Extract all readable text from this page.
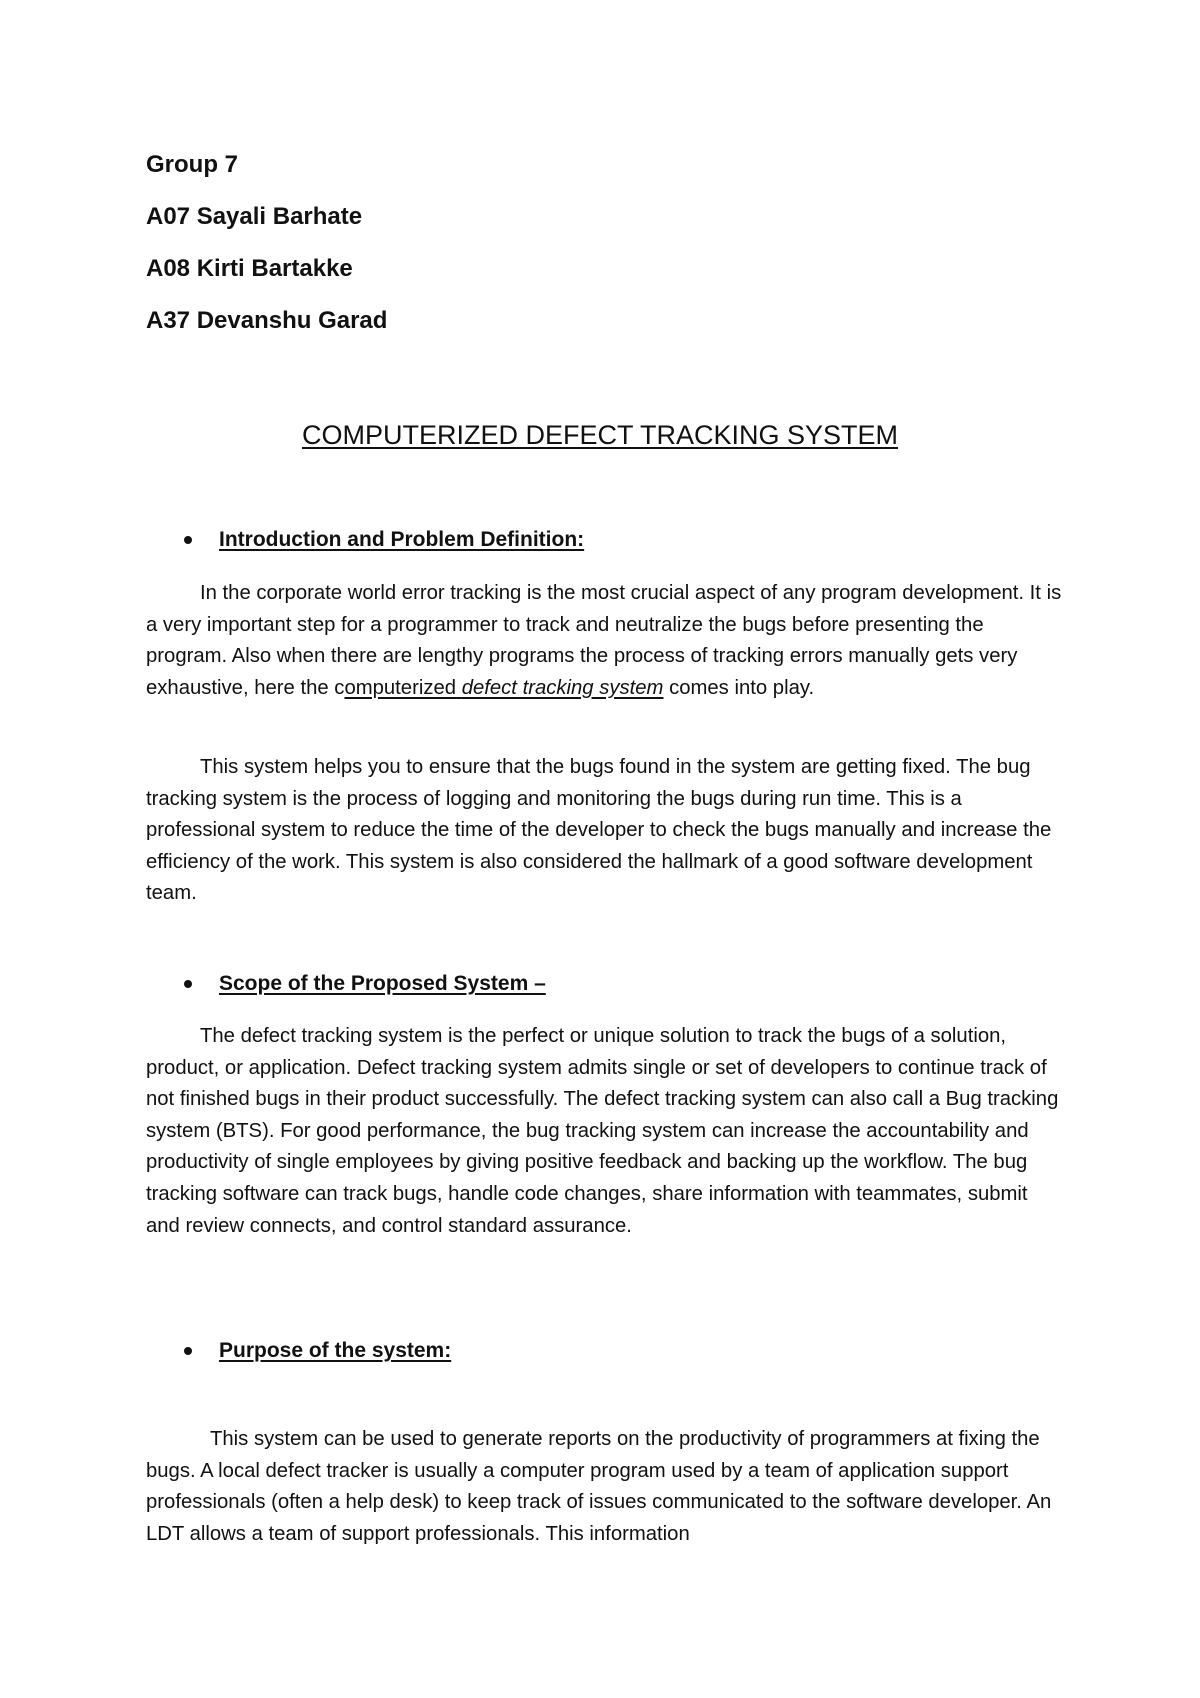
Group 7

A07 Sayali Barhate

A08 Kirti Bartakke

A37 Devanshu Garad

COMPUTERIZED DEFECT TRACKING SYSTEM

Introduction and Problem Definition:

In the corporate world error tracking is the most crucial aspect of any program development. It is a very important step for a programmer to track and neutralize the bugs before presenting the program. Also when there are lengthy programs the process of tracking errors manually gets very exhaustive, here the computerized defect tracking system comes into play.

This system helps you to ensure that the bugs found in the system are getting fixed. The bug tracking system is the process of logging and monitoring the bugs during run time. This is a professional system to reduce the time of the developer to check the bugs manually and increase the efficiency of the work. This system is also considered the hallmark of a good software development team.

Scope of the Proposed System –

The defect tracking system is the perfect or unique solution to track the bugs of a solution, product, or application. Defect tracking system admits single or set of developers to continue track of not finished bugs in their product successfully. The defect tracking system can also call a Bug tracking system (BTS). For good performance, the bug tracking system can increase the accountability and productivity of single employees by giving positive feedback and backing up the workflow. The bug tracking software can track bugs, handle code changes, share information with teammates, submit and review connects, and control standard assurance.

Purpose of the system:

This system can be used to generate reports on the productivity of programmers at fixing the bugs. A local defect tracker is usually a computer program used by a team of application support professionals (often a help desk) to keep track of issues communicated to the software developer. An LDT allows a team of support professionals. This information
